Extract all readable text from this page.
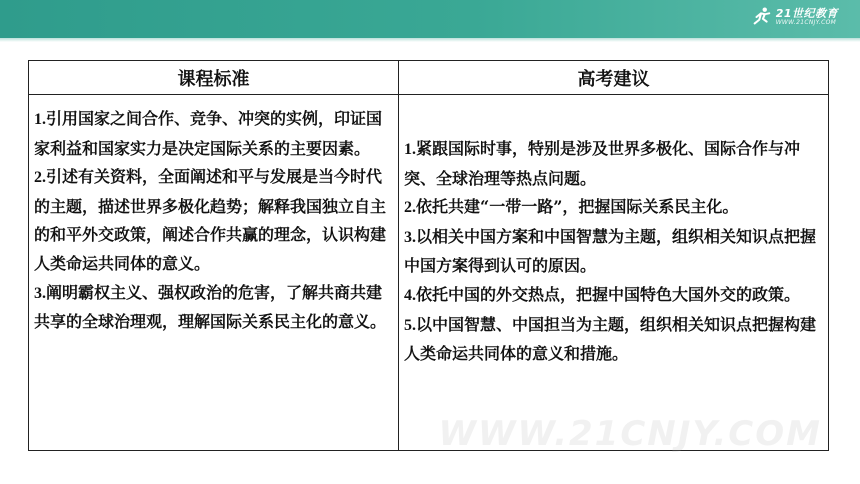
21世纪教育
WWW.21CNJY.COM
课程标准	高考建议

1.引用国家之间合作、竞争、冲突的实例，印证国家利益和国家实力是决定国际关系的主要因素。

2.引述有关资料，全面阐述和平与发展是当今时代的主题，描述世界多极化趋势；解释我国独立自主的和平外交政策，阐述合作共赢的理念，认识构建人类命运共同体的意义。

3.阐明霸权主义、强权政治的危害，了解共商共建共享的全球治理观，理解国际关系民主化的意义。

1.紧跟国际时事，特别是涉及世界多极化、国际合作与冲突、全球治理等热点问题。

2.依托共建“一带一路”，把握国际关系民主化。

3.以相关中国方案和中国智慧为主题，组织相关知识点把握中国方案得到认可的原因。

4.依托中国的外交热点，把握中国特色大国外交的政策。

5.以中国智慧、中国担当为主题，组织相关知识点把握构建人类命运共同体的意义和措施。

WWW.21CNJY.COM
